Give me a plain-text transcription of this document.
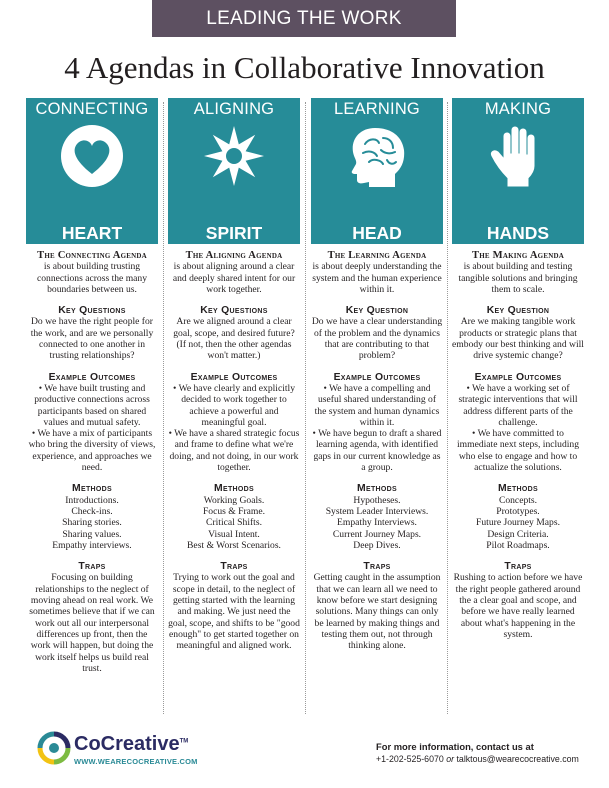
LEADING THE WORK
4 Agendas in Collaborative Innovation
CONNECTING
HEART
The Connecting Agenda
is about building trusting connections across the many boundaries between us.
Key Questions
Do we have the right people for the work, and are we personally connected to one another in trusting relationships?
Example Outcomes
• We have built trusting and productive connections across participants based on shared values and mutual safety.
• We have a mix of participants who bring the diversity of views, experience, and approaches we need.
Methods
Introductions.
Check-ins.
Sharing stories.
Sharing values.
Empathy interviews.
Traps
Focusing on building relationships to the neglect of moving ahead on real work. We sometimes believe that if we can work out all our interpersonal differences up front, then the work will happen, but doing the work itself helps us build real trust.
ALIGNING
SPIRIT
The Aligning Agenda
is about aligning around a clear and deeply shared intent for our work together.
Key Questions
Are we aligned around a clear goal, scope, and desired future? (If not, then the other agendas won't matter.)
Example Outcomes
• We have clearly and explicitly decided to work together to achieve a powerful and meaningful goal.
• We have a shared strategic focus and frame to define what we're doing, and not doing, in our work together.
Methods
Working Goals.
Focus & Frame.
Critical Shifts.
Visual Intent.
Best & Worst Scenarios.
Traps
Trying to work out the goal and scope in detail, to the neglect of getting started with the learning and making. We just need the goal, scope, and shifts to be "good enough" to get started together on meaningful and aligned work.
LEARNING
HEAD
The Learning Agenda
is about deeply understanding the system and the human experience within it.
Key Question
Do we have a clear understanding of the problem and the dynamics that are contributing to that problem?
Example Outcomes
• We have a compelling and useful shared understanding of the system and human dynamics within it.
• We have begun to draft a shared learning agenda, with identified gaps in our current knowledge as a group.
Methods
Hypotheses.
System Leader Interviews.
Empathy Interviews.
Current Journey Maps.
Deep Dives.
Traps
Getting caught in the assumption that we can learn all we need to know before we start designing solutions. Many things can only be learned by making things and testing them out, not through thinking alone.
MAKING
HANDS
The Making Agenda
is about building and testing tangible solutions and bringing them to scale.
Key Question
Are we making tangible work products or strategic plans that embody our best thinking and will drive systemic change?
Example Outcomes
• We have a working set of strategic interventions that will address different parts of the challenge.
• We have committed to immediate next steps, including who else to engage and how to actualize the solutions.
Methods
Concepts.
Prototypes.
Future Journey Maps.
Design Criteria.
Pilot Roadmaps.
Traps
Rushing to action before we have the right people gathered around the a clear goal and scope, and before we have really learned about what's happening in the system.
CoCreative™
WWW.WEARECOCREATIVE.COM
For more information, contact us at
+1-202-525-6070 or talktous@wearecocreative.com
